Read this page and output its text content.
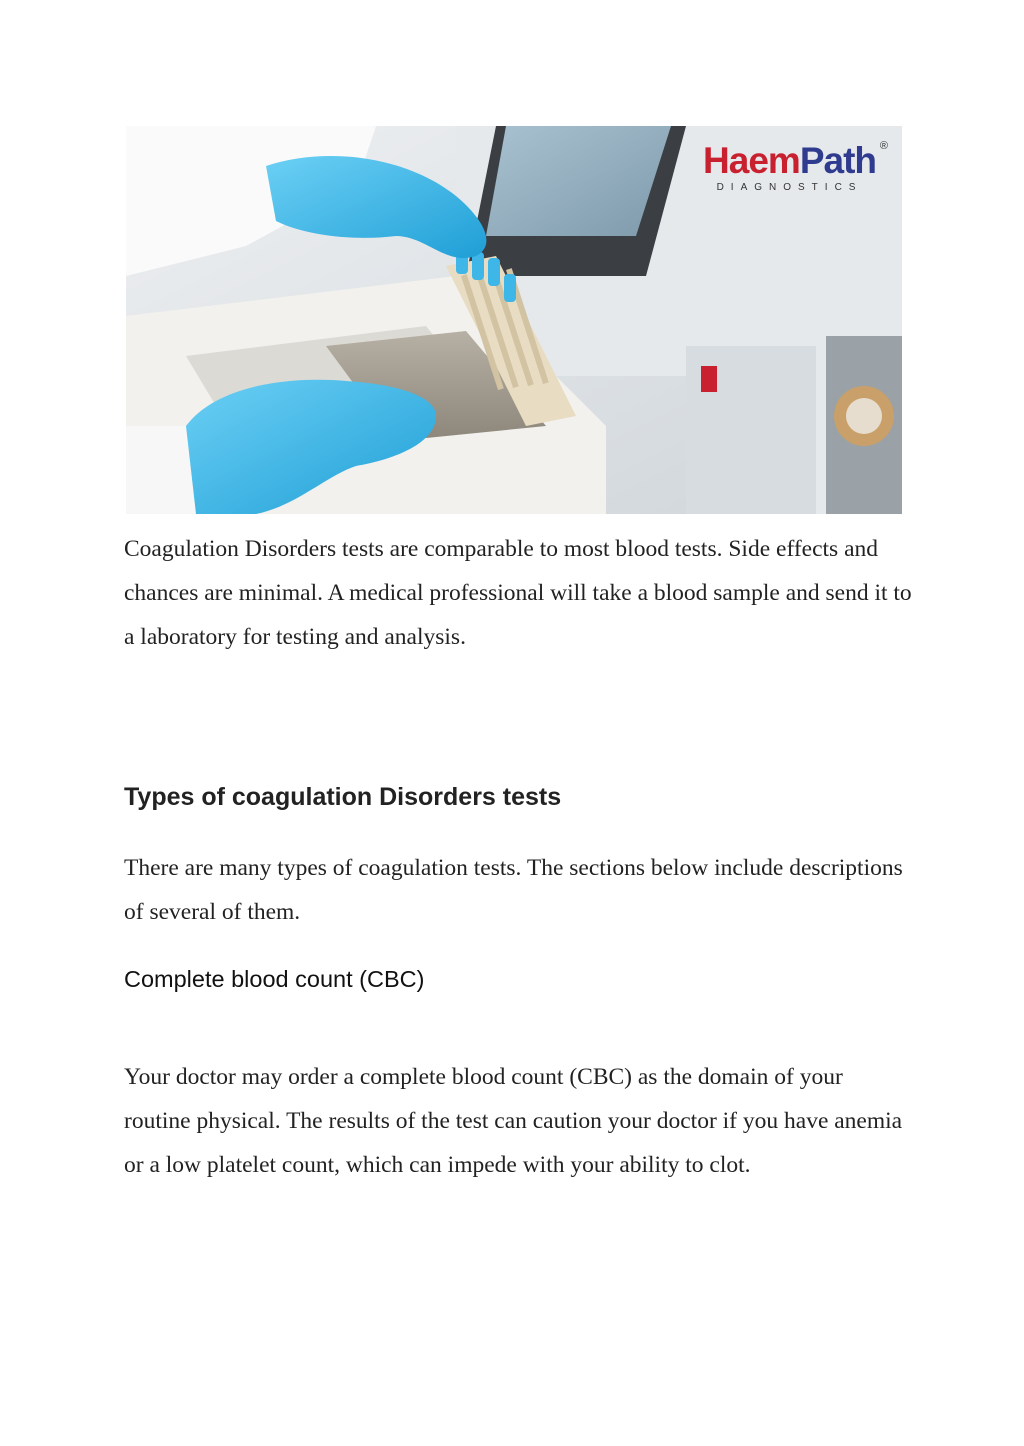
HaemPath ®
DIAGNOSTICS

Coagulation Disorders tests are comparable to most blood tests. Side effects and chances are minimal. A medical professional will take a blood sample and send it to a laboratory for testing and analysis.

Types of coagulation Disorders tests

There are many types of coagulation tests. The sections below include descriptions of several of them.

Complete blood count (CBC)

Your doctor may order a complete blood count (CBC) as the domain of your routine physical. The results of the test can caution your doctor if you have anemia or a low platelet count, which can impede with your ability to clot.
